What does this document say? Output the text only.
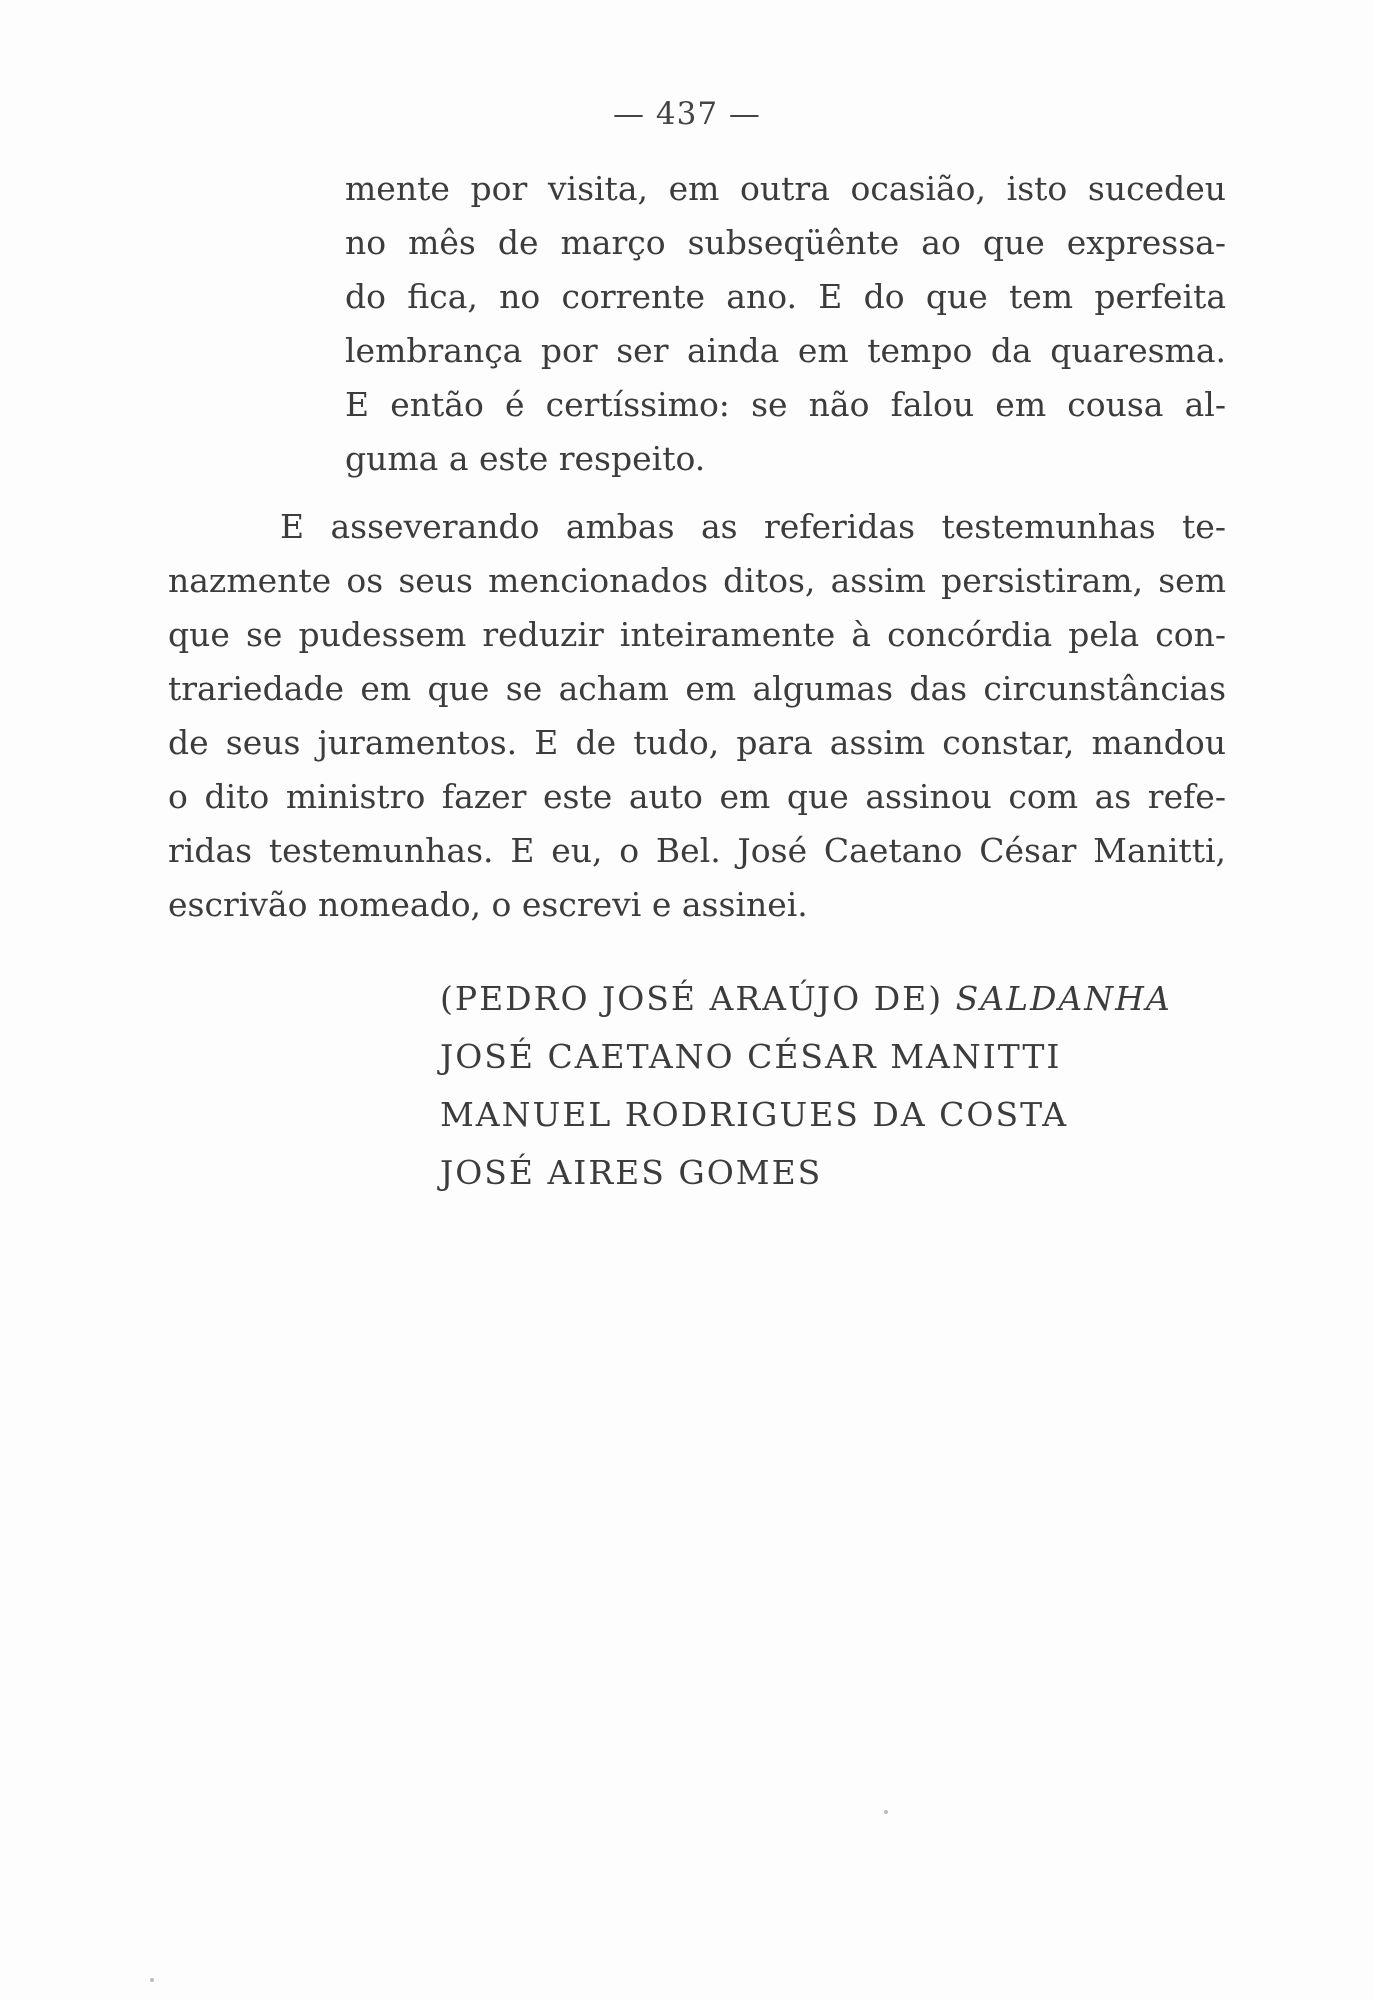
— 437 —
mente por visita, em outra ocasião, isto sucedeu
no mês de março subseqüênte ao que expressa-
do fica, no corrente ano. E do que tem perfeita
lembrança por ser ainda em tempo da quaresma.
E então é certíssimo: se não falou em cousa al-
guma a este respeito.
E asseverando ambas as referidas testemunhas te-
nazmente os seus mencionados ditos, assim persistiram, sem
que se pudessem reduzir inteiramente à concórdia pela con-
trariedade em que se acham em algumas das circunstâncias
de seus juramentos. E de tudo, para assim constar, mandou
o dito ministro fazer este auto em que assinou com as refe-
ridas testemunhas. E eu, o Bel. José Caetano César Manitti,
escrivão nomeado, o escrevi e assinei.
(PEDRO JOSÉ ARAÚJO DE) SALDANHA
JOSÉ CAETANO CÉSAR MANITTI
MANUEL RODRIGUES DA COSTA
JOSÉ AIRES GOMES
